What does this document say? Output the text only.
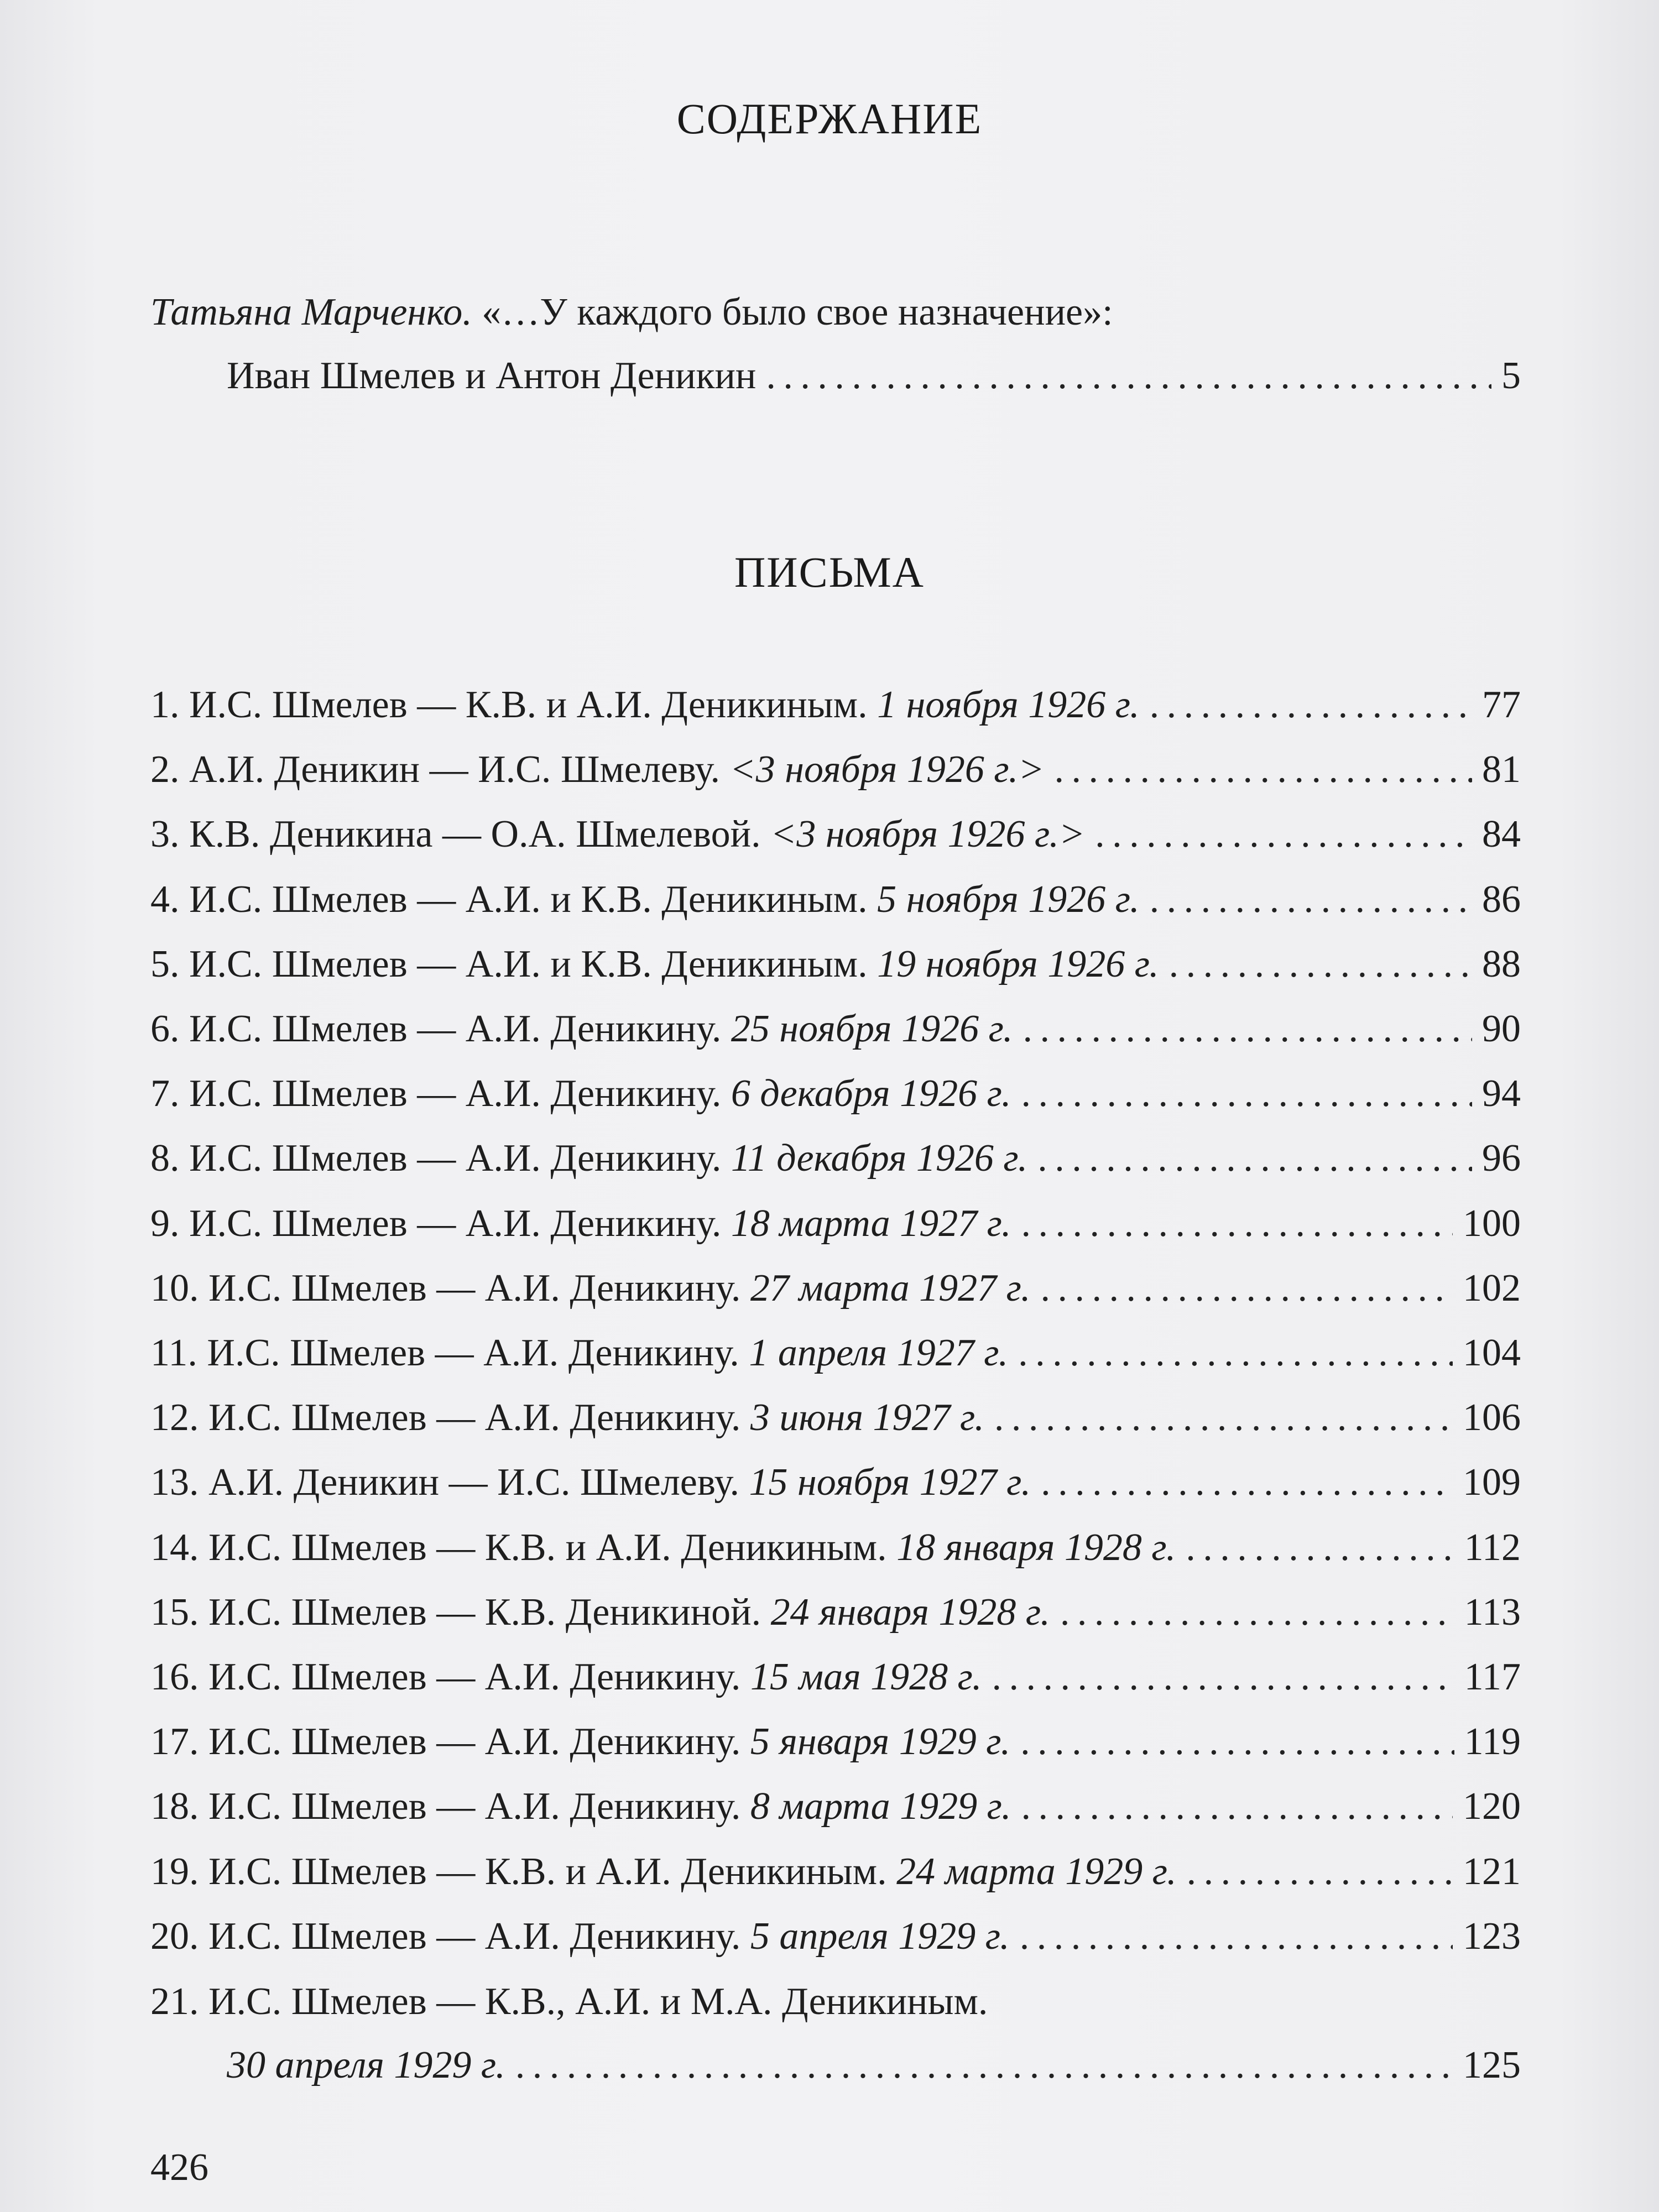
СОДЕРЖАНИЕ
Татьяна Марченко. «…У каждого было свое назначение»:
Иван Шмелев и Антон Деникин . . .	5
ПИСЬМА
1. И.С. Шмелев — К.В. и А.И. Деникиным. 1 ноября 1926 г. . . .	77
2. А.И. Деникин — И.С. Шмелеву. <3 ноября 1926 г.> . . .	81
3. К.В. Деникина — О.А. Шмелевой. <3 ноября 1926 г.> . . .	84
4. И.С. Шмелев — А.И. и К.В. Деникиным. 5 ноября 1926 г. . . .	86
5. И.С. Шмелев — А.И. и К.В. Деникиным. 19 ноября 1926 г. . . .	88
6. И.С. Шмелев — А.И. Деникину. 25 ноября 1926 г. . . .	90
7. И.С. Шмелев — А.И. Деникину. 6 декабря 1926 г. . . .	94
8. И.С. Шмелев — А.И. Деникину. 11 декабря 1926 г. . . .	96
9. И.С. Шмелев — А.И. Деникину. 18 марта 1927 г. . . .	100
10. И.С. Шмелев — А.И. Деникину. 27 марта 1927 г. . . .	102
11. И.С. Шмелев — А.И. Деникину. 1 апреля 1927 г. . . .	104
12. И.С. Шмелев — А.И. Деникину. 3 июня 1927 г. . . .	106
13. А.И. Деникин — И.С. Шмелеву. 15 ноября 1927 г. . . .	109
14. И.С. Шмелев — К.В. и А.И. Деникиным. 18 января 1928 г. . . .	112
15. И.С. Шмелев — К.В. Деникиной. 24 января 1928 г. . . .	113
16. И.С. Шмелев — А.И. Деникину. 15 мая 1928 г. . . .	117
17. И.С. Шмелев — А.И. Деникину. 5 января 1929 г. . . .	119
18. И.С. Шмелев — А.И. Деникину. 8 марта 1929 г. . . .	120
19. И.С. Шмелев — К.В. и А.И. Деникиным. 24 марта 1929 г. . . .	121
20. И.С. Шмелев — А.И. Деникину. 5 апреля 1929 г. . . .	123
21. И.С. Шмелев — К.В., А.И. и М.А. Деникиным.
30 апреля 1929 г. . . .	125
426
